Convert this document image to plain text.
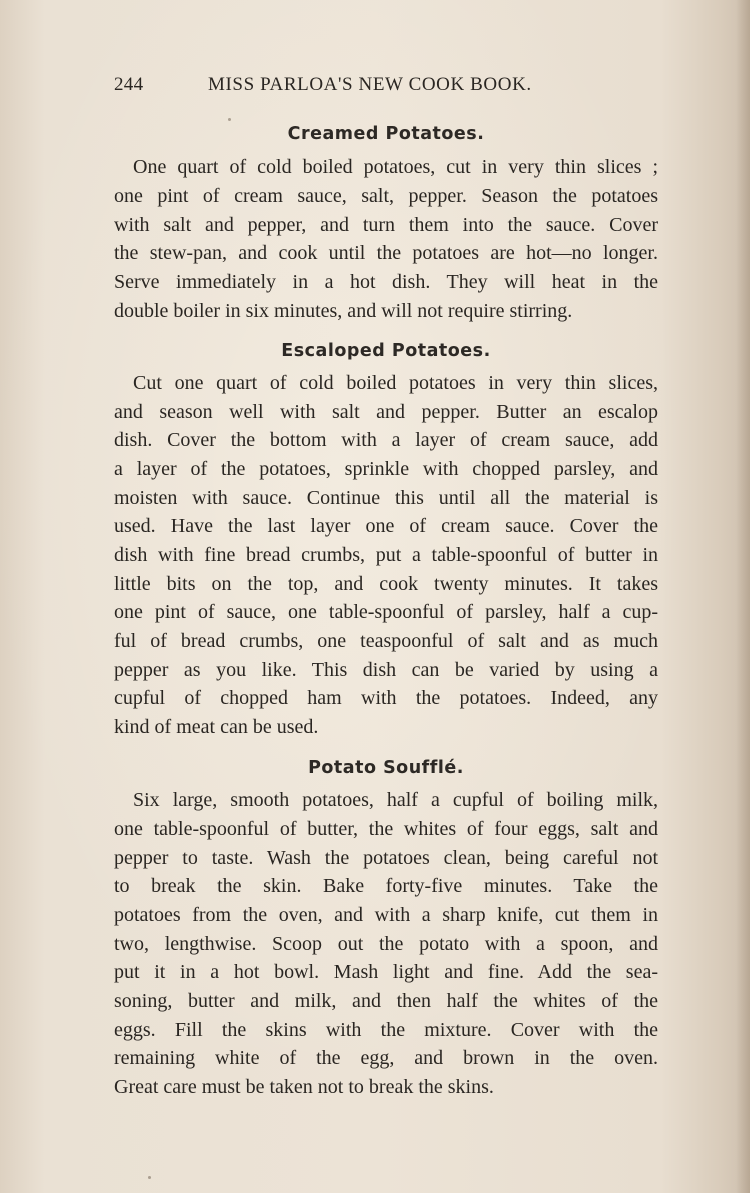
244	MISS PARLOA'S NEW COOK BOOK.
Creamed Potatoes.
One quart of cold boiled potatoes, cut in very thin slices ;
one pint of cream sauce, salt, pepper. Season the potatoes
with salt and pepper, and turn them into the sauce. Cover
the stew-pan, and cook until the potatoes are hot—no longer.
Serve immediately in a hot dish. They will heat in the
double boiler in six minutes, and will not require stirring.
Escaloped Potatoes.
Cut one quart of cold boiled potatoes in very thin slices,
and season well with salt and pepper. Butter an escalop
dish. Cover the bottom with a layer of cream sauce, add
a layer of the potatoes, sprinkle with chopped parsley, and
moisten with sauce. Continue this until all the material is
used. Have the last layer one of cream sauce. Cover the
dish with fine bread crumbs, put a table-spoonful of butter in
little bits on the top, and cook twenty minutes. It takes
one pint of sauce, one table-spoonful of parsley, half a cup-
ful of bread crumbs, one teaspoonful of salt and as much
pepper as you like. This dish can be varied by using a
cupful of chopped ham with the potatoes. Indeed, any
kind of meat can be used.
Potato Soufflé.
Six large, smooth potatoes, half a cupful of boiling milk,
one table-spoonful of butter, the whites of four eggs, salt and
pepper to taste. Wash the potatoes clean, being careful not
to break the skin. Bake forty-five minutes. Take the
potatoes from the oven, and with a sharp knife, cut them in
two, lengthwise. Scoop out the potato with a spoon, and
put it in a hot bowl. Mash light and fine. Add the sea-
soning, butter and milk, and then half the whites of the
eggs. Fill the skins with the mixture. Cover with the
remaining white of the egg, and brown in the oven.
Great care must be taken not to break the skins.
